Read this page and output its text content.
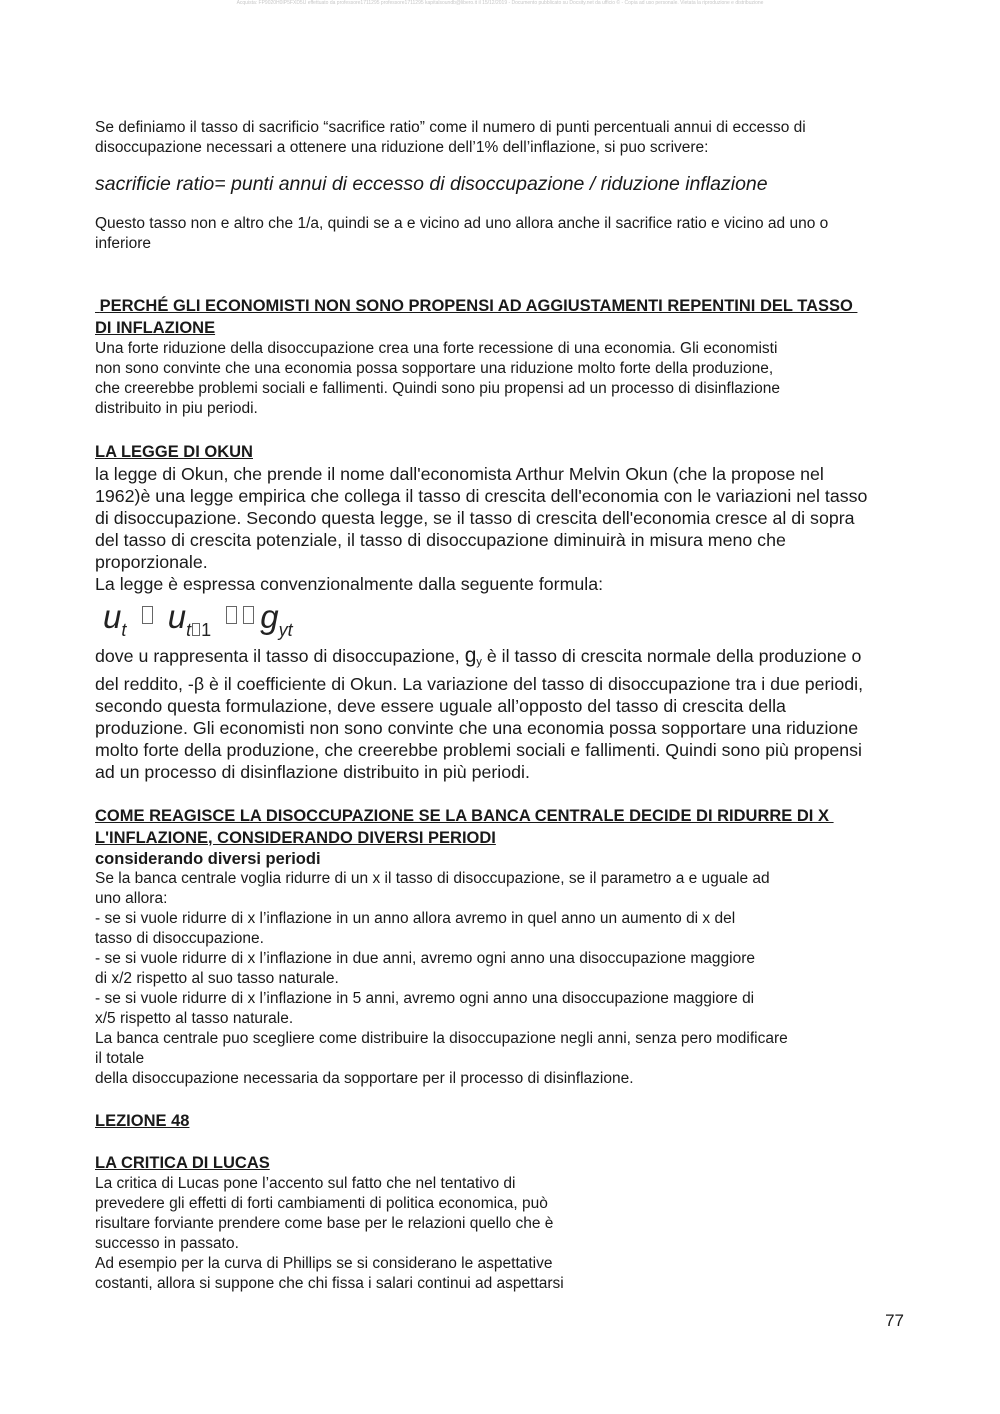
Acquista: FP9020H0IP5FXD5U effettuato da professore1711295 professore1711295 kapitalsoundb@libero.it il 15/12/2019 - Documento pubblicato su Docsity.net da ufficio © - Copia ad uso personale. Vietata la riproduzione e distribuzione

Se definiamo il tasso di sacrificio “sacrifice ratio” come il numero di punti percentuali annui di eccesso di

disoccupazione necessari a ottenere una riduzione dell’1% dell’inflazione, si puo scrivere:

sacrificie ratio= punti annui di eccesso di disoccupazione / riduzione inflazione

Questo tasso non e altro che 1/a, quindi se a e vicino ad uno allora anche il sacrifice ratio e vicino ad uno o

inferiore

PERCHÉ GLI ECONOMISTI NON SONO PROPENSI AD AGGIUSTAMENTI REPENTINI DEL TASSO

DI INFLAZIONE

Una forte riduzione della disoccupazione crea una forte recessione di una economia. Gli economisti

non sono convinte che una economia possa sopportare una riduzione molto forte della produzione,

che creerebbe problemi sociali e fallimenti. Quindi sono piu propensi ad un processo di disinflazione

distribuito in piu periodi.

LA LEGGE DI OKUN

la legge di Okun, che prende il nome dall'economista Arthur Melvin Okun (che la propose nel

1962)è una legge empirica che collega il tasso di crescita dell'economia con le variazioni nel tasso

di disoccupazione. Secondo questa legge, se il tasso di crescita dell'economia cresce al di sopra

del tasso di crescita potenziale, il tasso di disoccupazione diminuirà in misura meno che

proporzionale.

La legge è espressa convenzionalmente dalla seguente formula:

$u_t$ $u_{t 1}$ $g_{yt}$

dove u rappresenta il tasso di disoccupazione, gy è il tasso di crescita normale della produzione o

del reddito, -β è il coefficiente di Okun. La variazione del tasso di disoccupazione tra i due periodi,

secondo questa formulazione, deve essere uguale all’opposto del tasso di crescita della

produzione. Gli economisti non sono convinte che una economia possa sopportare una riduzione

molto forte della produzione, che creerebbe problemi sociali e fallimenti. Quindi sono più propensi

ad un processo di disinflazione distribuito in più periodi.

COME REAGISCE LA DISOCCUPAZIONE SE LA BANCA CENTRALE DECIDE DI RIDURRE DI X

L'INFLAZIONE, CONSIDERANDO DIVERSI PERIODI

considerando diversi periodi

Se la banca centrale voglia ridurre di un x il tasso di disoccupazione, se il parametro a e uguale ad

uno allora:

- se si vuole ridurre di x l’inflazione in un anno allora avremo in quel anno un aumento di x del

tasso di disoccupazione.

- se si vuole ridurre di x l’inflazione in due anni, avremo ogni anno una disoccupazione maggiore

di x/2 rispetto al suo tasso naturale.

- se si vuole ridurre di x l’inflazione in 5 anni, avremo ogni anno una disoccupazione maggiore di

x/5 rispetto al tasso naturale.

La banca centrale puo scegliere come distribuire la disoccupazione negli anni, senza pero modificare

il totale

della disoccupazione necessaria da sopportare per il processo di disinflazione.

LEZIONE 48

LA CRITICA DI LUCAS

La critica di Lucas pone l’accento sul fatto che nel tentativo di

prevedere gli effetti di forti cambiamenti di politica economica, può

risultare forviante prendere come base per le relazioni quello che è

successo in passato.

Ad esempio per la curva di Phillips se si considerano le aspettative

costanti, allora si suppone che chi fissa i salari continui ad aspettarsi

77
